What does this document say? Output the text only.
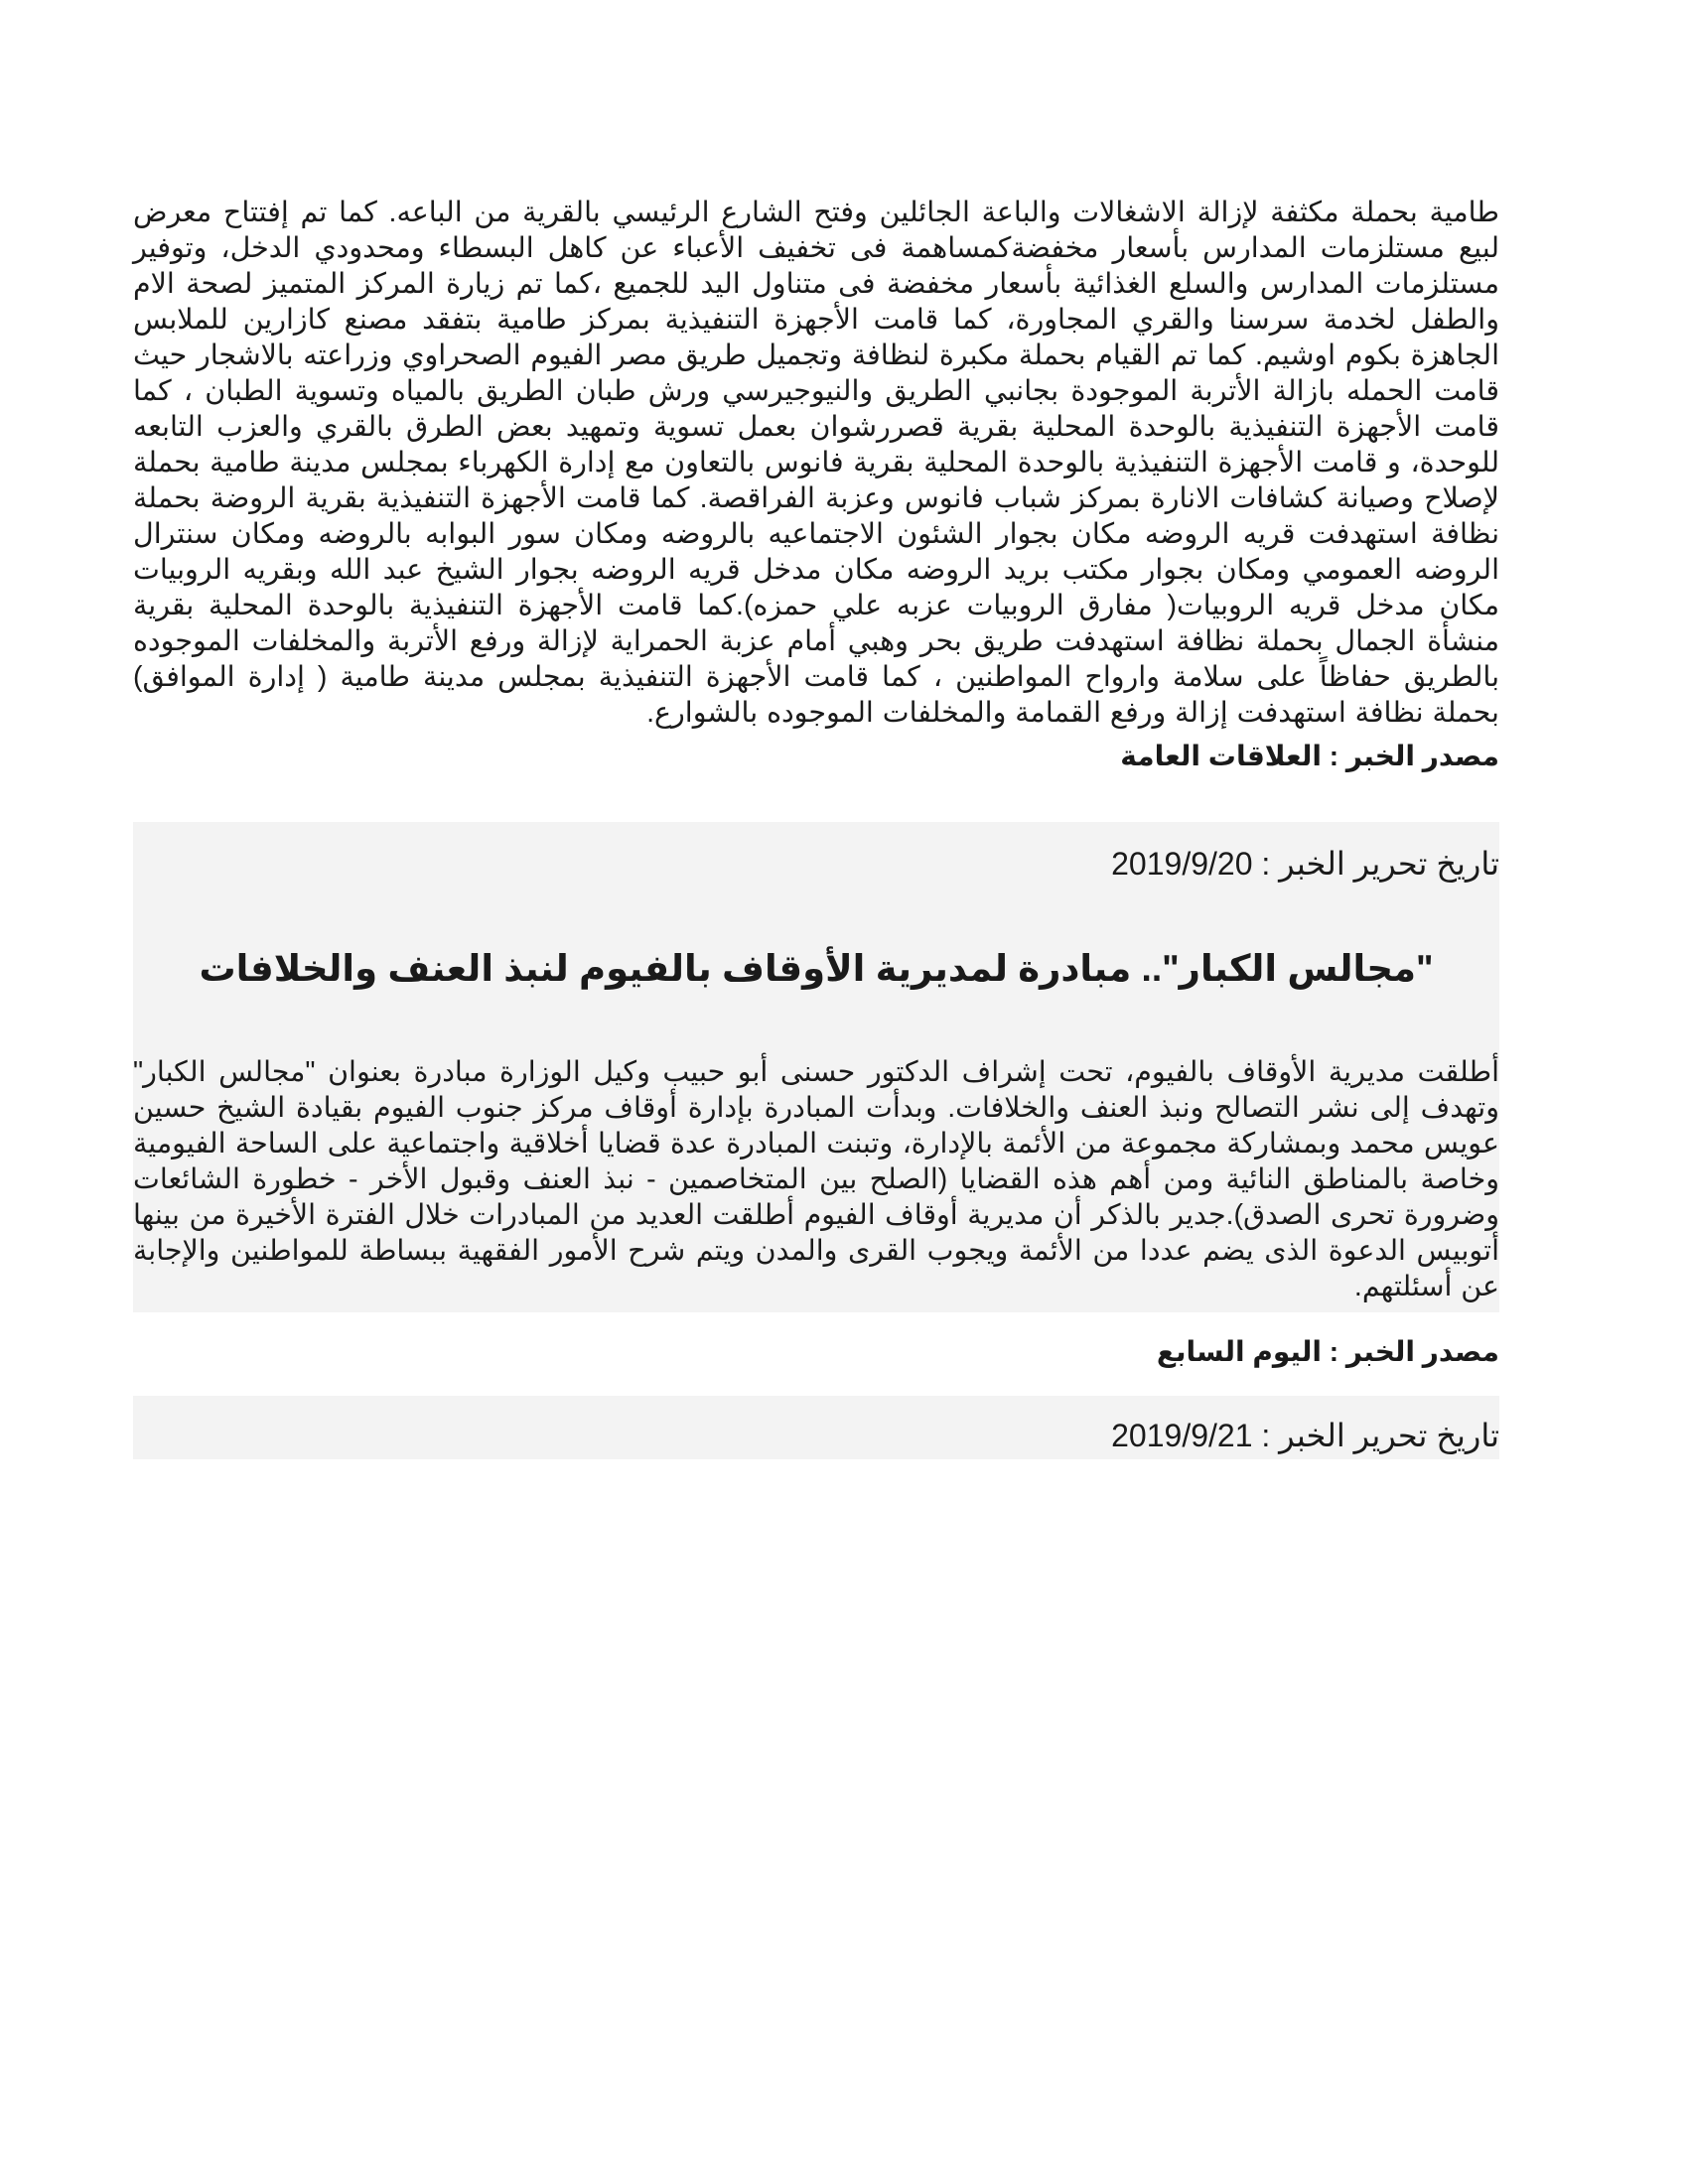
طامية بحملة مكثفة لإزالة الاشغالات والباعة الجائلين وفتح الشارع الرئيسي بالقرية من الباعه. كما تم إفتتاح معرض لبيع مستلزمات المدارس بأسعار مخفضةكمساهمة فى تخفيف الأعباء عن كاهل البسطاء ومحدودي الدخل، وتوفير مستلزمات المدارس والسلع الغذائية بأسعار مخفضة فى متناول اليد للجميع ،كما تم زيارة المركز المتميز لصحة الام والطفل لخدمة سرسنا والقري المجاورة، كما قامت الأجهزة التنفيذية بمركز طامية بتفقد مصنع كازارين للملابس الجاهزة بكوم اوشيم. كما تم القيام بحملة مكبرة لنظافة وتجميل طريق مصر الفيوم الصحراوي وزراعته بالاشجار حيث قامت الحمله بازالة الأتربة الموجودة بجانبي الطريق والنيوجيرسي ورش طبان الطريق بالمياه وتسوية الطبان ، كما قامت الأجهزة التنفيذية بالوحدة المحلية بقرية قصررشوان بعمل تسوية وتمهيد بعض الطرق بالقري والعزب التابعه للوحدة، و قامت الأجهزة التنفيذية بالوحدة المحلية بقرية فانوس بالتعاون مع إدارة الكهرباء بمجلس مدينة طامية بحملة لإصلاح وصيانة كشافات الانارة بمركز شباب فانوس وعزبة الفراقصة. كما قامت الأجهزة التنفيذية بقرية الروضة بحملة نظافة استهدفت قريه الروضه مكان بجوار الشئون الاجتماعيه بالروضه ومكان سور البوابه بالروضه ومكان سنترال الروضه العمومي ومكان بجوار مكتب بريد الروضه مكان مدخل قريه الروضه بجوار الشيخ عبد الله وبقريه الروبيات مكان مدخل قريه الروبيات( مفارق الروبيات عزبه علي حمزه).كما قامت الأجهزة التنفيذية بالوحدة المحلية بقرية منشأة الجمال بحملة نظافة استهدفت طريق بحر وهبي أمام عزبة الحمراية لإزالة ورفع الأتربة والمخلفات الموجوده بالطريق حفاظاً على سلامة وارواح المواطنين ، كما قامت الأجهزة التنفيذية بمجلس مدينة طامية ( إدارة الموافق) بحملة نظافة استهدفت إزالة ورفع القمامة والمخلفات الموجوده بالشوارع.

مصدر الخبر : العلاقات العامة

تاريخ تحرير الخبر : 2019/9/20

"مجالس الكبار".. مبادرة لمديرية الأوقاف بالفيوم لنبذ العنف والخلافات

أطلقت مديرية الأوقاف بالفيوم، تحت إشراف الدكتور حسنى أبو حبيب وكيل الوزارة مبادرة بعنوان "مجالس الكبار" وتهدف إلى نشر التصالح ونبذ العنف والخلافات. وبدأت المبادرة بإدارة أوقاف مركز جنوب الفيوم بقيادة الشيخ حسين عويس محمد وبمشاركة مجموعة من الأئمة بالإدارة، وتبنت المبادرة عدة قضايا أخلاقية واجتماعية على الساحة الفيومية وخاصة بالمناطق النائية ومن أهم هذه القضايا (الصلح بين المتخاصمين - نبذ العنف وقبول الأخر - خطورة الشائعات وضرورة تحرى الصدق).جدير بالذكر أن مديرية أوقاف الفيوم أطلقت العديد من المبادرات خلال الفترة الأخيرة من بينها أتوبيس الدعوة الذى يضم عددا من الأئمة ويجوب القرى والمدن ويتم شرح الأمور الفقهية ببساطة للمواطنين والإجابة عن أسئلتهم.

مصدر الخبر : اليوم السابع

تاريخ تحرير الخبر : 2019/9/21
